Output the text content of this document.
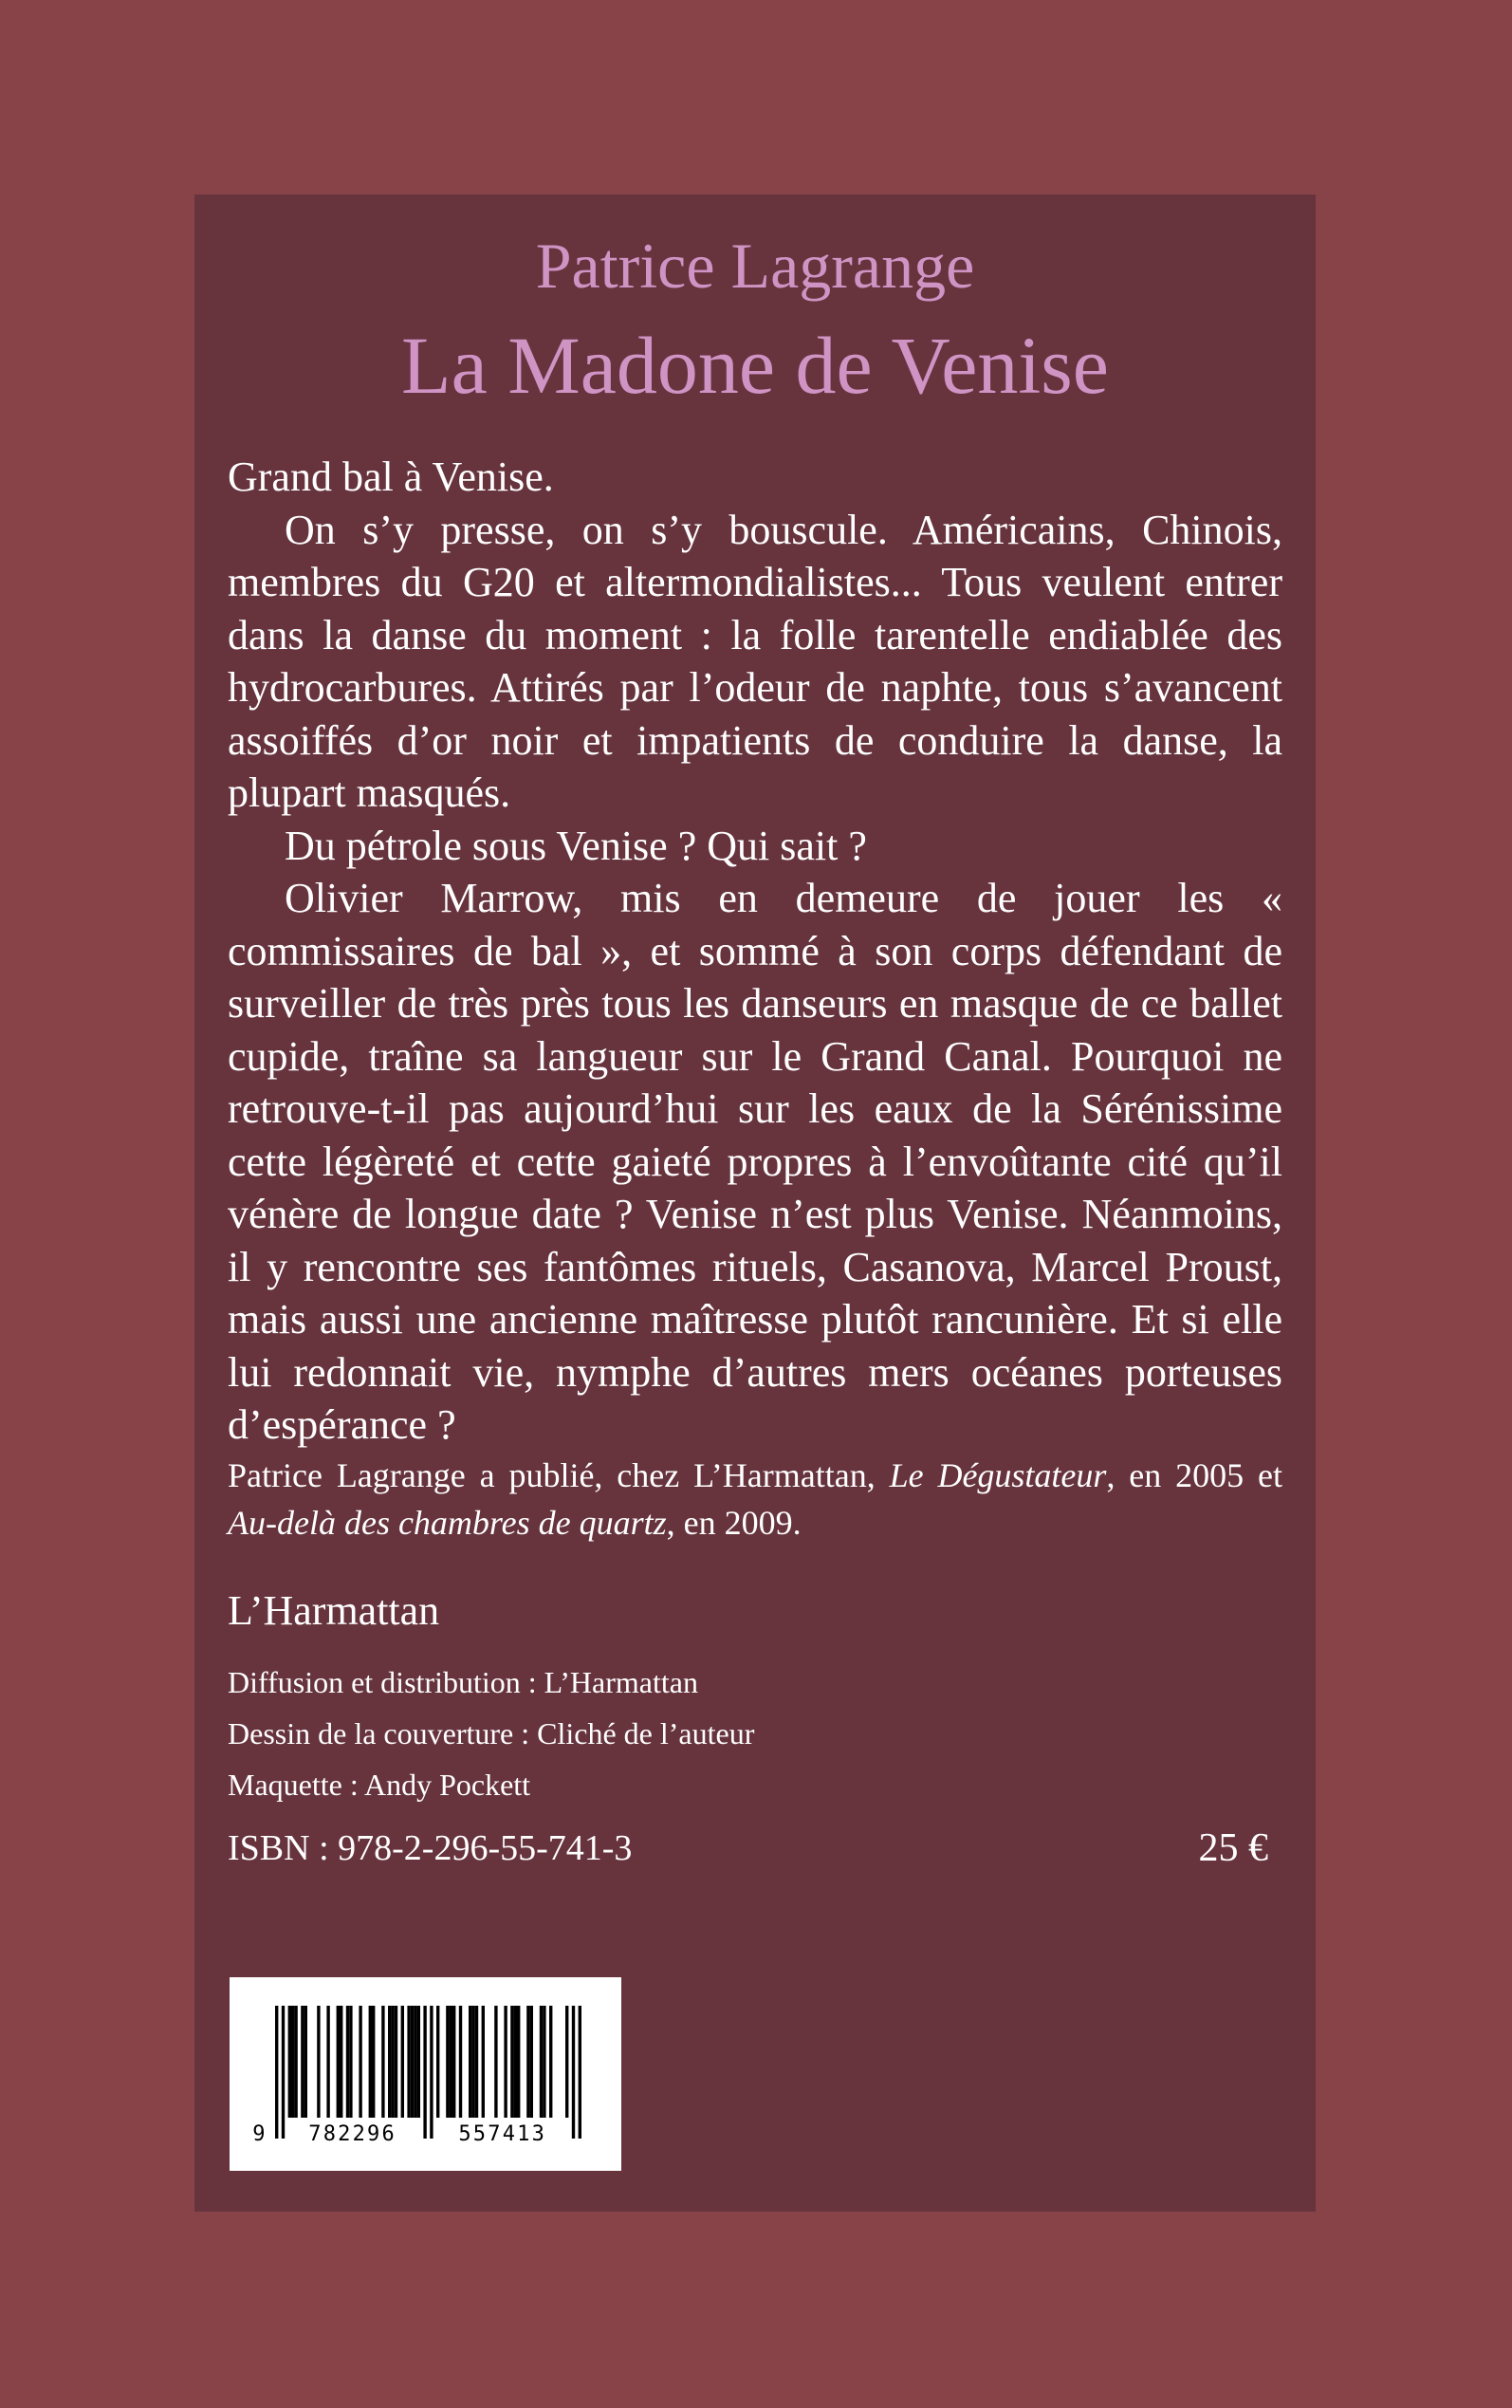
Patrice Lagrange
La Madone de Venise

Grand bal à Venise.

On s’y presse, on s’y bouscule. Américains, Chinois, membres du G20 et altermondialistes... Tous veulent entrer dans la danse du moment : la folle tarentelle endiablée des hydrocarbures. Attirés par l’odeur de naphte, tous s’avancent assoiffés d’or noir et impatients de conduire la danse, la plupart masqués.

Du pétrole sous Venise ? Qui sait ?

Olivier Marrow, mis en demeure de jouer les « commissaires de bal », et sommé à son corps défendant de surveiller de très près tous les danseurs en masque de ce ballet cupide, traîne sa langueur sur le Grand Canal. Pourquoi ne retrouve-t-il pas aujourd’hui sur les eaux de la Sérénissime cette légèreté et cette gaieté propres à l’envoûtante cité qu’il vénère de longue date ? Venise n’est plus Venise. Néanmoins, il y rencontre ses fantômes rituels, Casanova, Marcel Proust, mais aussi une ancienne maîtresse plutôt rancunière. Et si elle lui redonnait vie, nymphe d’autres mers océanes porteuses d’espérance ?

Patrice Lagrange a publié, chez L’Harmattan, Le Dégustateur, en 2005 et Au-delà des chambres de quartz, en 2009.
L’Harmattan
Diffusion et distribution : L’Harmattan
Dessin de la couverture : Cliché de l’auteur
Maquette : Andy Pockett
ISBN : 978-2-296-55-741-3	25 €
9 782296	557413
